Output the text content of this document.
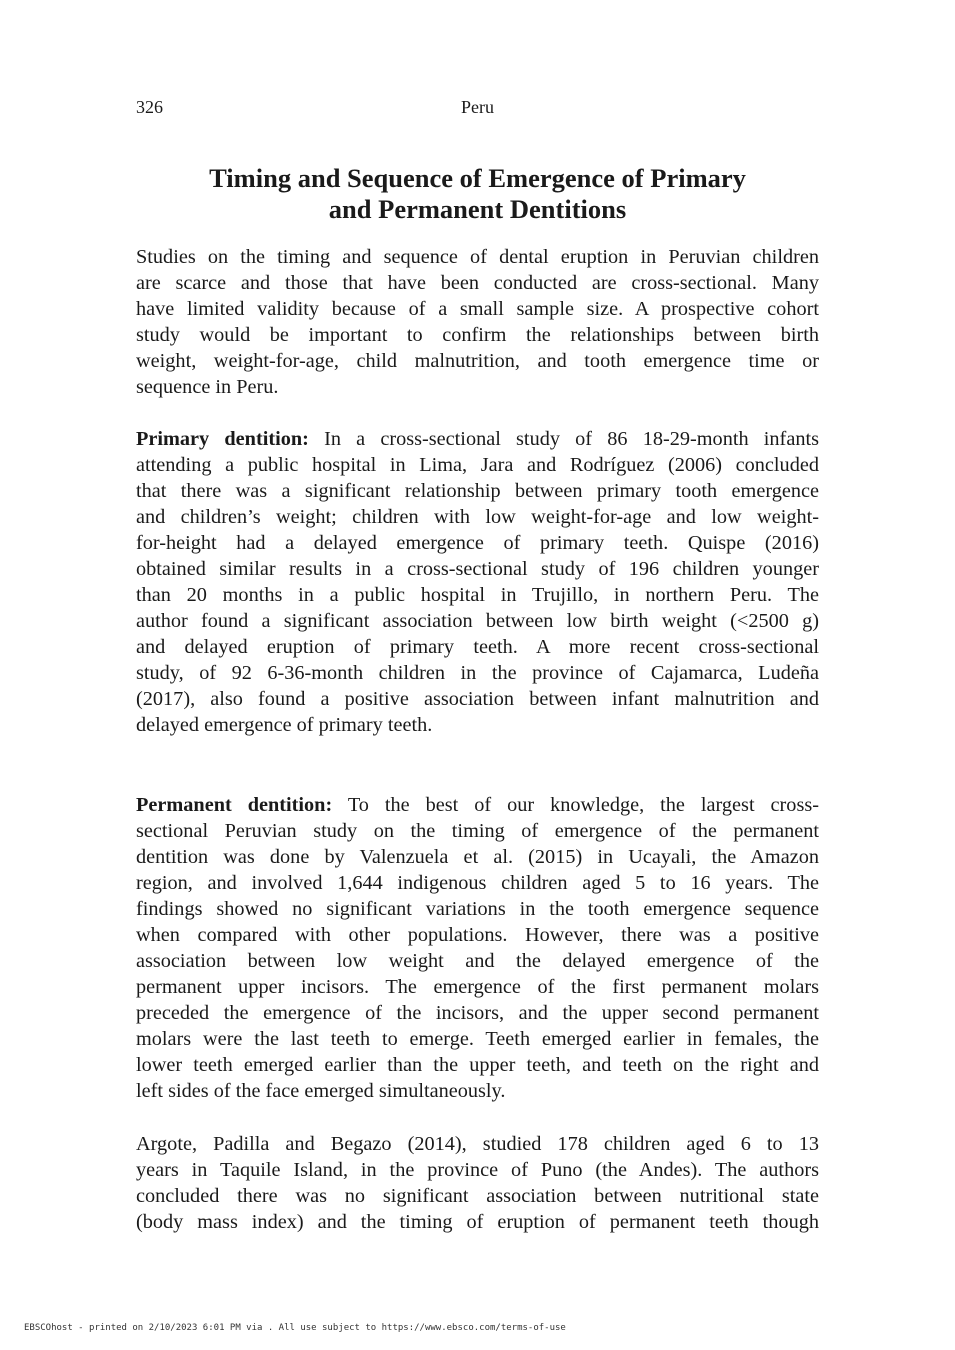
326	Peru
Timing and Sequence of Emergence of Primary
and Permanent Dentitions

Studies on the timing and sequence of dental eruption in Peruvian children
are scarce and those that have been conducted are cross-sectional. Many
have limited validity because of a small sample size. A prospective cohort
study would be important to confirm the relationships between birth
weight, weight-for-age, child malnutrition, and tooth emergence time or
sequence in Peru.

Primary dentition: In a cross-sectional study of 86 18-29-month infants
attending a public hospital in Lima, Jara and Rodríguez (2006) concluded
that there was a significant relationship between primary tooth emergence
and children’s weight; children with low weight-for-age and low weight-
for-height had a delayed emergence of primary teeth. Quispe (2016)
obtained similar results in a cross-sectional study of 196 children younger
than 20 months in a public hospital in Trujillo, in northern Peru. The
author found a significant association between low birth weight (<2500 g)
and delayed eruption of primary teeth. A more recent cross-sectional
study, of 92 6-36-month children in the province of Cajamarca, Ludeña
(2017), also found a positive association between infant malnutrition and
delayed emergence of primary teeth.

Permanent dentition: To the best of our knowledge, the largest cross-
sectional Peruvian study on the timing of emergence of the permanent
dentition was done by Valenzuela et al. (2015) in Ucayali, the Amazon
region, and involved 1,644 indigenous children aged 5 to 16 years. The
findings showed no significant variations in the tooth emergence sequence
when compared with other populations. However, there was a positive
association between low weight and the delayed emergence of the
permanent upper incisors. The emergence of the first permanent molars
preceded the emergence of the incisors, and the upper second permanent
molars were the last teeth to emerge. Teeth emerged earlier in females, the
lower teeth emerged earlier than the upper teeth, and teeth on the right and
left sides of the face emerged simultaneously.

Argote, Padilla and Begazo (2014), studied 178 children aged 6 to 13
years in Taquile Island, in the province of Puno (the Andes). The authors
concluded there was no significant association between nutritional state
(body mass index) and the timing of eruption of permanent teeth though

EBSCOhost - printed on 2/10/2023 6:01 PM via . All use subject to https://www.ebsco.com/terms-of-use
